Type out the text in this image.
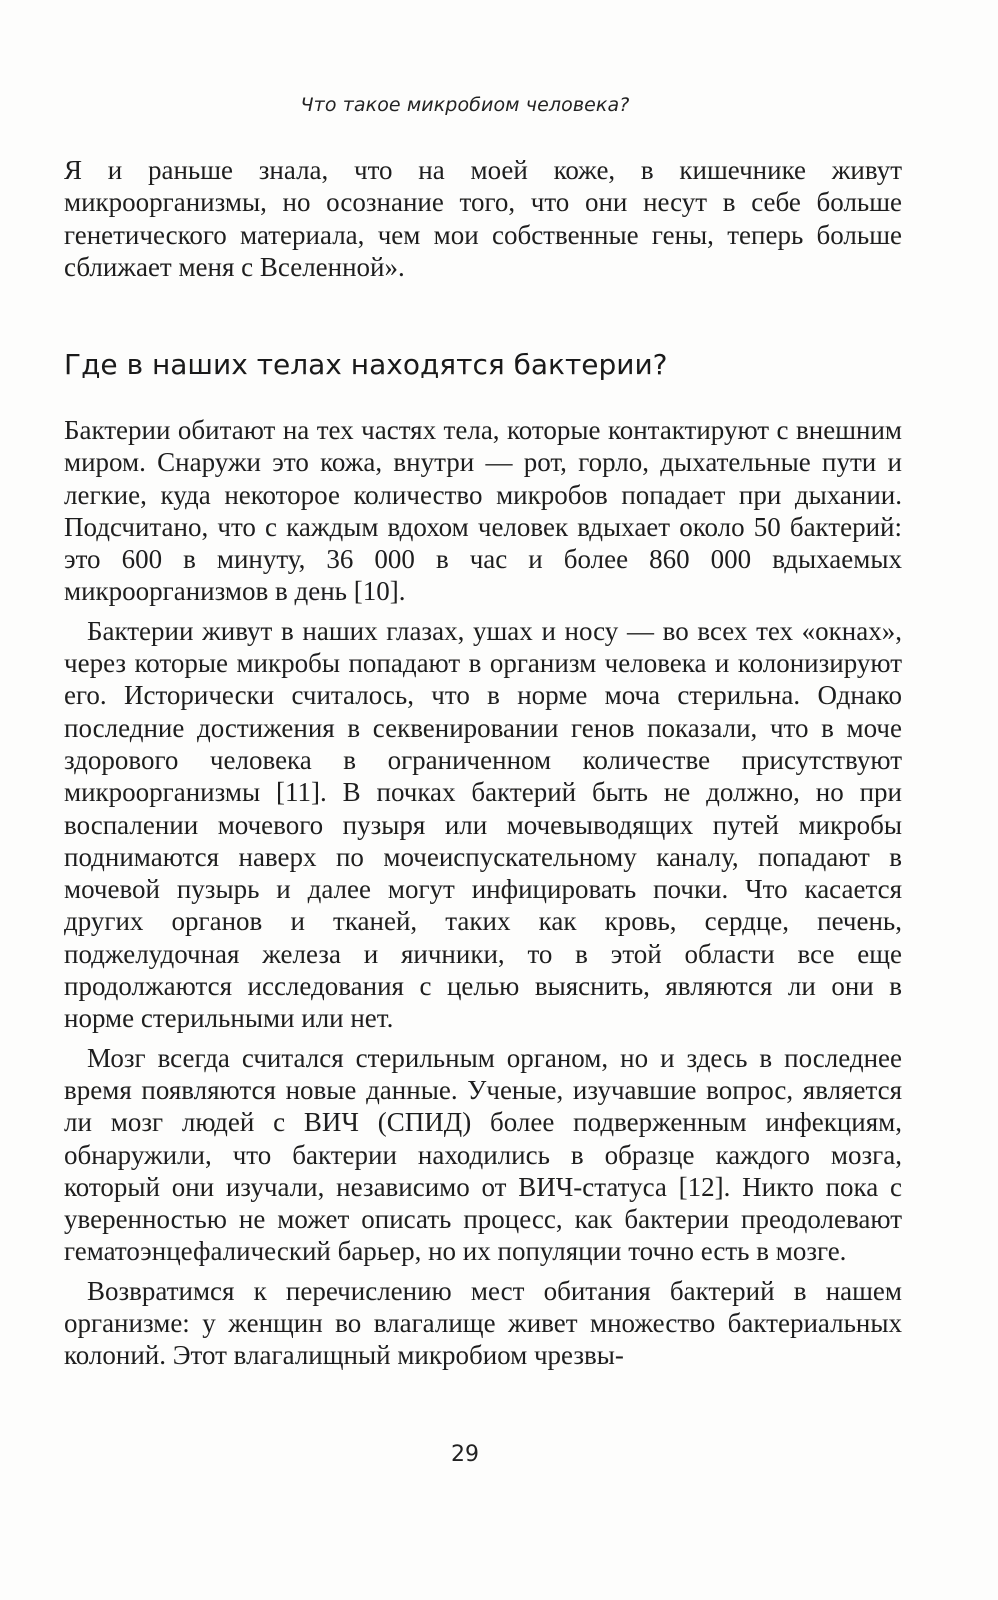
Что такое микробиом человека?

Я и раньше знала, что на моей коже, в кишечнике живут микроорганизмы, но осознание того, что они несут в себе больше генетического материала, чем мои собственные гены, теперь больше сближает меня с Вселенной».

Где в наших телах находятся бактерии?

Бактерии обитают на тех частях тела, которые контактируют с внешним миром. Снаружи это кожа, внутри — рот, горло, дыхательные пути и легкие, куда некоторое количество микробов попадает при дыхании. Подсчитано, что с каждым вдохом человек вдыхает около 50 бактерий: это 600 в минуту, 36 000 в час и более 860 000 вдыхаемых микроорганизмов в день [10].

Бактерии живут в наших глазах, ушах и носу — во всех тех «окнах», через которые микробы попадают в организм человека и колонизируют его. Исторически считалось, что в норме моча стерильна. Однако последние достижения в секвенировании генов показали, что в моче здорового человека в ограниченном количестве присутствуют микроорганизмы [11]. В почках бактерий быть не должно, но при воспалении мочевого пузыря или мочевыводящих путей микробы поднимаются наверх по мочеиспускательному каналу, попадают в мочевой пузырь и далее могут инфицировать почки. Что касается других органов и тканей, таких как кровь, сердце, печень, поджелудочная железа и яичники, то в этой области все еще продолжаются исследования с целью выяснить, являются ли они в норме стерильными или нет.

Мозг всегда считался стерильным органом, но и здесь в последнее время появляются новые данные. Ученые, изучавшие вопрос, является ли мозг людей с ВИЧ (СПИД) более подверженным инфекциям, обнаружили, что бактерии находились в образце каждого мозга, который они изучали, независимо от ВИЧ-статуса [12]. Никто пока с уверенностью не может описать процесс, как бактерии преодолевают гематоэнцефалический барьер, но их популяции точно есть в мозге.

Возвратимся к перечислению мест обитания бактерий в нашем организме: у женщин во влагалище живет множество бактериальных колоний. Этот влагалищный микробиом чрезвы-

29
